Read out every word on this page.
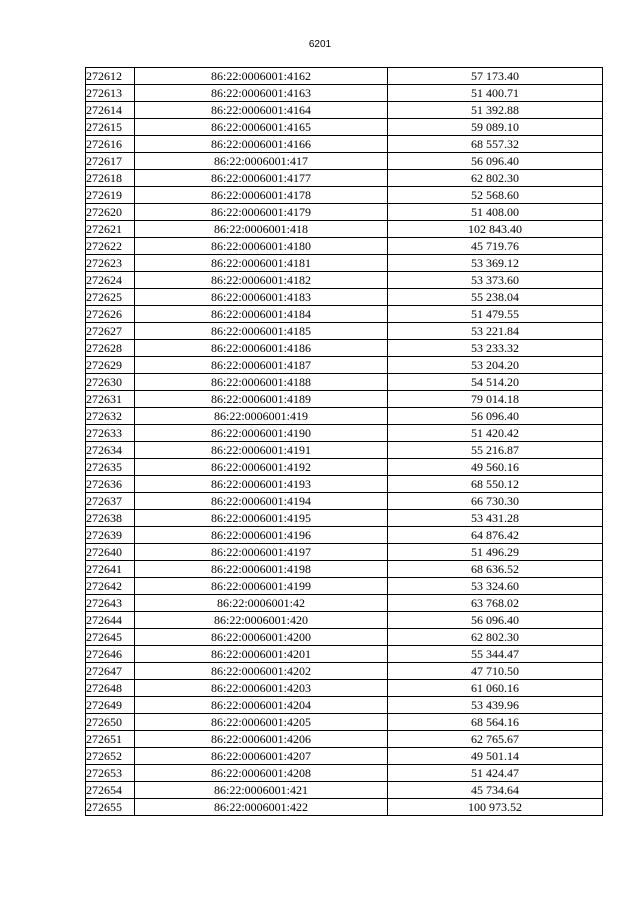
6201
272612	86:22:0006001:4162	57 173.40
272613	86:22:0006001:4163	51 400.71
272614	86:22:0006001:4164	51 392.88
272615	86:22:0006001:4165	59 089.10
272616	86:22:0006001:4166	68 557.32
272617	86:22:0006001:417	56 096.40
272618	86:22:0006001:4177	62 802.30
272619	86:22:0006001:4178	52 568.60
272620	86:22:0006001:4179	51 408.00
272621	86:22:0006001:418	102 843.40
272622	86:22:0006001:4180	45 719.76
272623	86:22:0006001:4181	53 369.12
272624	86:22:0006001:4182	53 373.60
272625	86:22:0006001:4183	55 238.04
272626	86:22:0006001:4184	51 479.55
272627	86:22:0006001:4185	53 221.84
272628	86:22:0006001:4186	53 233.32
272629	86:22:0006001:4187	53 204.20
272630	86:22:0006001:4188	54 514.20
272631	86:22:0006001:4189	79 014.18
272632	86:22:0006001:419	56 096.40
272633	86:22:0006001:4190	51 420.42
272634	86:22:0006001:4191	55 216.87
272635	86:22:0006001:4192	49 560.16
272636	86:22:0006001:4193	68 550.12
272637	86:22:0006001:4194	66 730.30
272638	86:22:0006001:4195	53 431.28
272639	86:22:0006001:4196	64 876.42
272640	86:22:0006001:4197	51 496.29
272641	86:22:0006001:4198	68 636.52
272642	86:22:0006001:4199	53 324.60
272643	86:22:0006001:42	63 768.02
272644	86:22:0006001:420	56 096.40
272645	86:22:0006001:4200	62 802.30
272646	86:22:0006001:4201	55 344.47
272647	86:22:0006001:4202	47 710.50
272648	86:22:0006001:4203	61 060.16
272649	86:22:0006001:4204	53 439.96
272650	86:22:0006001:4205	68 564.16
272651	86:22:0006001:4206	62 765.67
272652	86:22:0006001:4207	49 501.14
272653	86:22:0006001:4208	51 424.47
272654	86:22:0006001:421	45 734.64
272655	86:22:0006001:422	100 973.52
